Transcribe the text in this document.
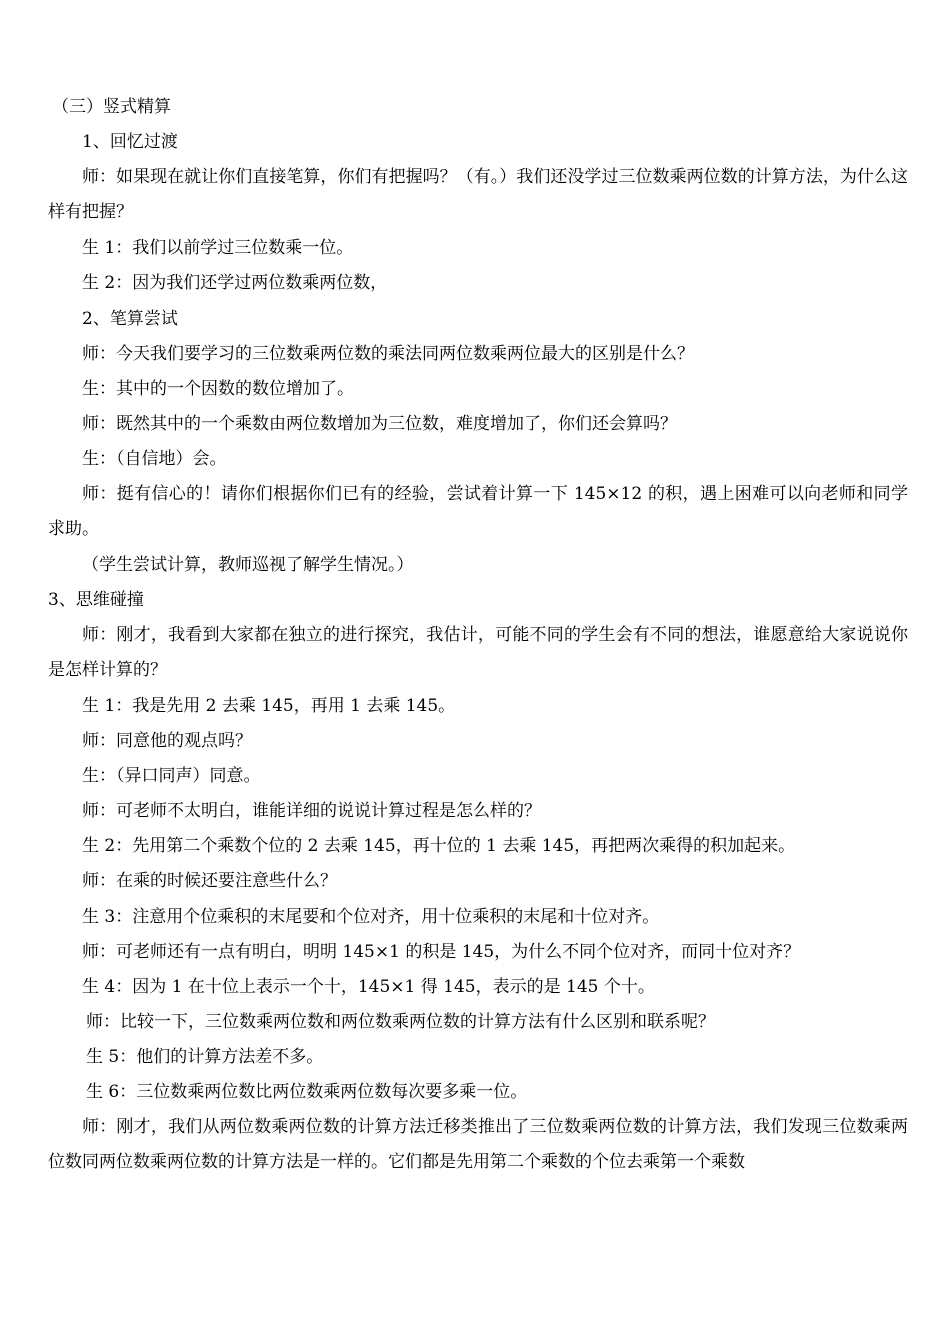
（三）竖式精算

1、回忆过渡

师：如果现在就让你们直接笔算，你们有把握吗？（有。）我们还没学过三位数乘两位数的计算方法，为什么这样有把握？

生 1：我们以前学过三位数乘一位。

生 2：因为我们还学过两位数乘两位数，

2、笔算尝试

师：今天我们要学习的三位数乘两位数的乘法同两位数乘两位最大的区别是什么？

生：其中的一个因数的数位增加了。

师：既然其中的一个乘数由两位数增加为三位数，难度增加了，你们还会算吗？

生：（自信地）会。

师：挺有信心的！请你们根据你们已有的经验，尝试着计算一下 145×12 的积，遇上困难可以向老师和同学求助。

（学生尝试计算，教师巡视了解学生情况。）

3、思维碰撞

师：刚才，我看到大家都在独立的进行探究，我估计，可能不同的学生会有不同的想法，谁愿意给大家说说你是怎样计算的？

生 1：我是先用 2 去乘 145，再用 1 去乘 145。

师：同意他的观点吗？

生：（异口同声）同意。

师：可老师不太明白，谁能详细的说说计算过程是怎么样的？

生 2：先用第二个乘数个位的 2 去乘 145，再十位的 1 去乘 145，再把两次乘得的积加起来。

师：在乘的时候还要注意些什么？

生 3：注意用个位乘积的末尾要和个位对齐，用十位乘积的末尾和十位对齐。

师：可老师还有一点有明白，明明 145×1 的积是 145，为什么不同个位对齐，而同十位对齐？

生 4：因为 1 在十位上表示一个十，145×1 得 145，表示的是 145 个十。

师：比较一下，三位数乘两位数和两位数乘两位数的计算方法有什么区别和联系呢？

生 5：他们的计算方法差不多。

生 6：三位数乘两位数比两位数乘两位数每次要多乘一位。

师：刚才，我们从两位数乘两位数的计算方法迁移类推出了三位数乘两位数的计算方法，我们发现三位数乘两位数同两位数乘两位数的计算方法是一样的。它们都是先用第二个乘数的个位去乘第一个乘数
